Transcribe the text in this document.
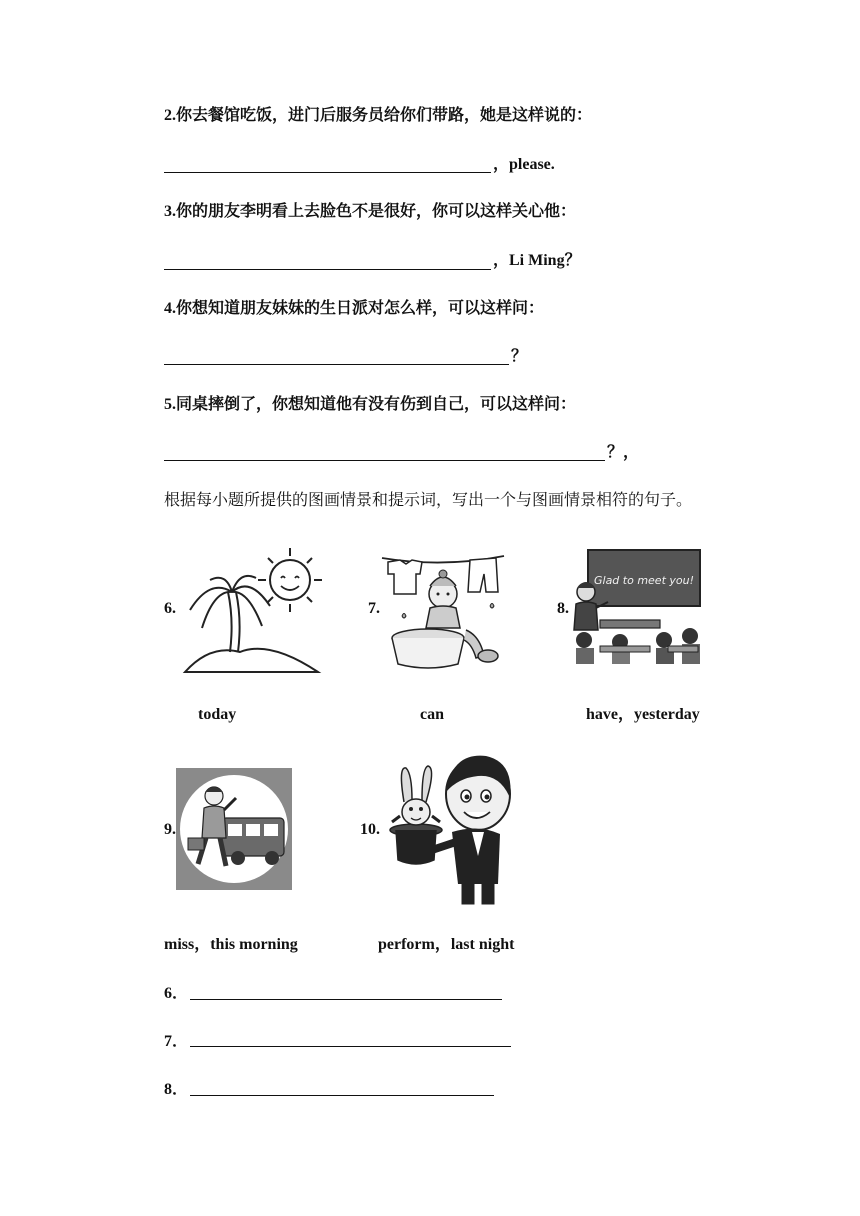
2.你去餐馆吃饭，进门后服务员给你们带路，她是这样说的：
，please.
3.你的朋友李明看上去脸色不是很好，你可以这样关心他：
，Li Ming？
4.你想知道朋友妹妹的生日派对怎么样，可以这样问：
？
5.同桌摔倒了，你想知道他有没有伤到自己，可以这样问：
？，
根据每小题所提供的图画情景和提示词，写出一个与图画情景相符的句子。
6.
today
7.
can
8.
Glad to meet you!
have，yesterday
9.
miss，this morning
10.
perform，last night
6．
7．
8．
